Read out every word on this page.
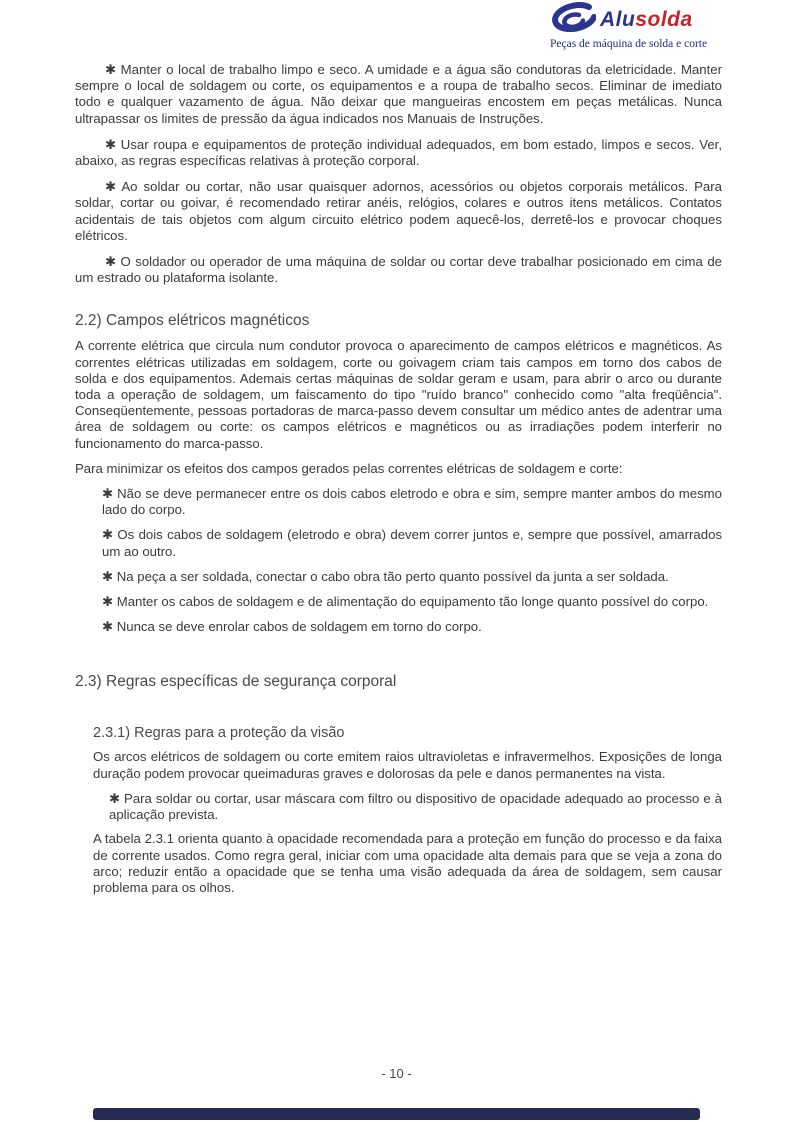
Alusolda
Peças de máquina de solda e corte

✱ Manter o local de trabalho limpo e seco. A umidade e a água são condutoras da eletricidade. Manter sempre o local de soldagem ou corte, os equipamentos e a roupa de trabalho secos. Eliminar de imediato todo e qualquer vazamento de água. Não deixar que mangueiras encostem em peças metálicas. Nunca ultrapassar os limites de pressão da água indicados nos Manuais de Instruções.

✱ Usar roupa e equipamentos de proteção individual adequados, em bom estado, limpos e secos. Ver, abaixo, as regras específicas relativas à proteção corporal.

✱ Ao soldar ou cortar, não usar quaisquer adornos, acessórios ou objetos corporais metálicos. Para soldar, cortar ou goivar, é recomendado retirar anéis, relógios, colares e outros itens metálicos. Contatos acidentais de tais objetos com algum circuito elétrico podem aquecê-los, derretê-los e provocar choques elétricos.

✱ O soldador ou operador de uma máquina de soldar ou cortar deve trabalhar posicionado em cima de um estrado ou plataforma isolante.

2.2) Campos elétricos magnéticos

A corrente elétrica que circula num condutor provoca o aparecimento de campos elétricos e magnéticos. As correntes elétricas utilizadas em soldagem, corte ou goivagem criam tais campos em torno dos cabos de solda e dos equipamentos. Ademais certas máquinas de soldar geram e usam, para abrir o arco ou durante toda a operação de soldagem, um faiscamento do tipo "ruído branco" conhecido como "alta freqüência". Conseqüentemente, pessoas portadoras de marca-passo devem consultar um médico antes de adentrar uma área de soldagem ou corte: os campos elétricos e magnéticos ou as irradiações podem interferir no funcionamento do marca-passo.

Para minimizar os efeitos dos campos gerados pelas correntes elétricas de soldagem e corte:

✱ Não se deve permanecer entre os dois cabos eletrodo e obra e sim, sempre manter ambos do mesmo lado do corpo.

✱ Os dois cabos de soldagem (eletrodo e obra) devem correr juntos e, sempre que possível, amarrados um ao outro.

✱ Na peça a ser soldada, conectar o cabo obra tão perto quanto possível da junta a ser soldada.

✱ Manter os cabos de soldagem e de alimentação do equipamento tão longe quanto possível do corpo.

✱ Nunca se deve enrolar cabos de soldagem em torno do corpo.

2.3) Regras específicas de segurança corporal
2.3.1) Regras para a proteção da visão

Os arcos elétricos de soldagem ou corte emitem raios ultravioletas e infravermelhos. Exposições de longa duração podem provocar queimaduras graves e dolorosas da pele e danos permanentes na vista.

✱ Para soldar ou cortar, usar máscara com filtro ou dispositivo de opacidade adequado ao processo e à aplicação prevista.

A tabela 2.3.1 orienta quanto à opacidade recomendada para a proteção em função do processo e da faixa de corrente usados. Como regra geral, iniciar com uma opacidade alta demais para que se veja a zona do arco; reduzir então a opacidade que se tenha uma visão adequada da área de soldagem, sem causar problema para os olhos.

- 10 -
